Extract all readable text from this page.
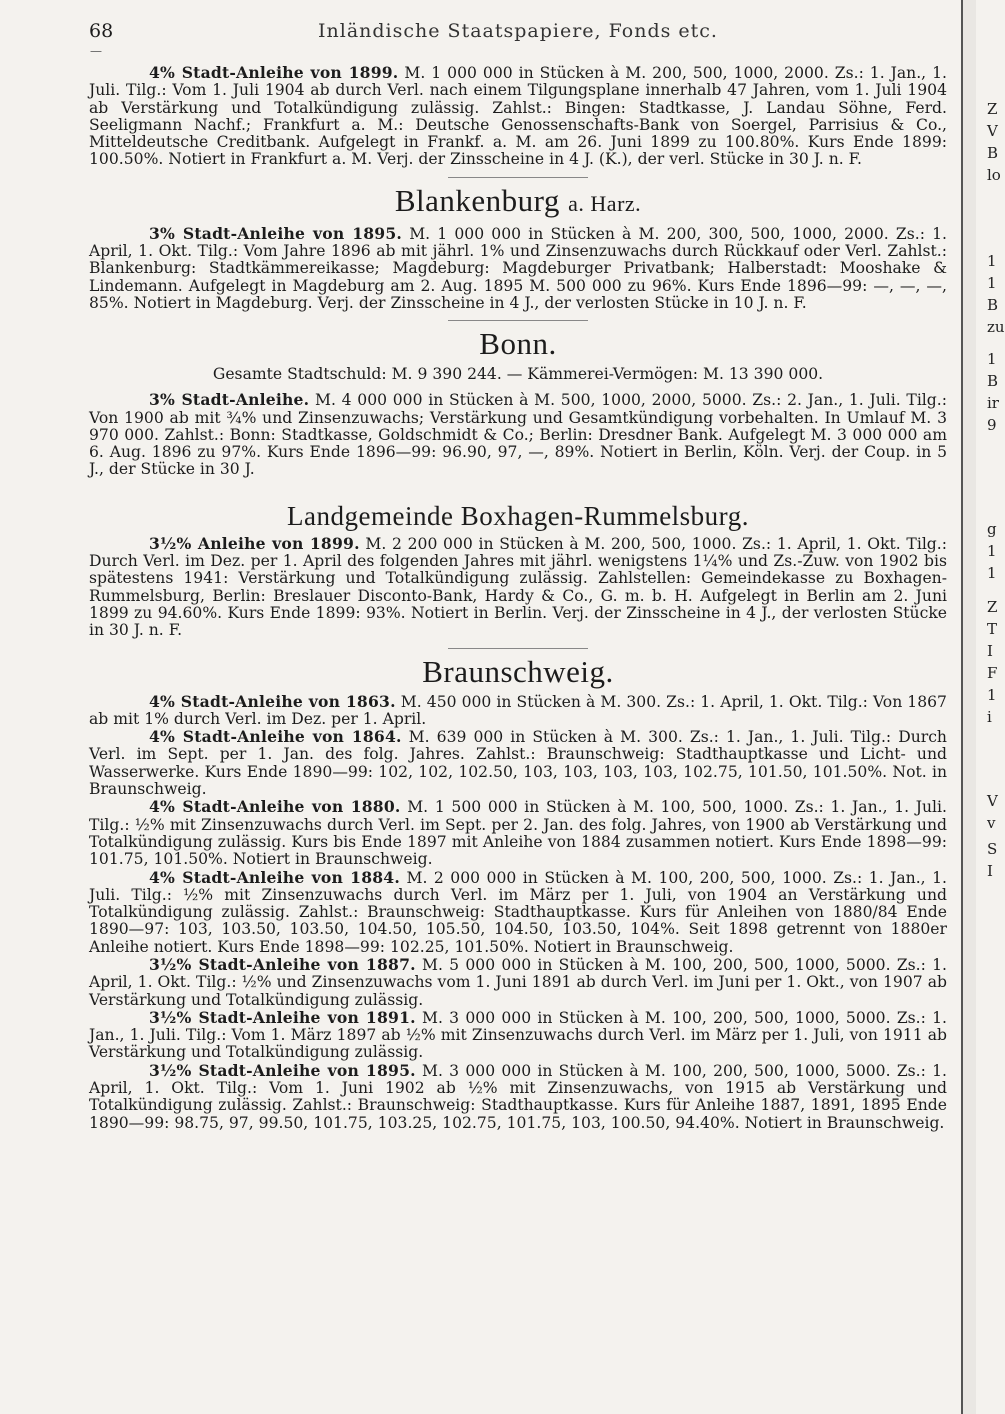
—
68	Inländische Staatspapiere, Fonds etc.

4% Stadt-Anleihe von 1899. M. 1 000 000 in Stücken à M. 200, 500, 1000, 2000. Zs.: 1. Jan., 1. Juli. Tilg.: Vom 1. Juli 1904 ab durch Verl. nach einem Tilgungsplane innerhalb 47 Jahren, vom 1. Juli 1904 ab Verstärkung und Totalkündigung zulässig. Zahlst.: Bingen: Stadtkasse, J. Landau Söhne, Ferd. Seeligmann Nachf.; Frankfurt a. M.: Deutsche Genossenschafts-Bank von Soergel, Parrisius & Co., Mitteldeutsche Creditbank. Aufgelegt in Frankf. a. M. am 26. Juni 1899 zu 100.80%. Kurs Ende 1899: 100.50%. Notiert in Frankfurt a. M. Verj. der Zinsscheine in 4 J. (K.), der verl. Stücke in 30 J. n. F.

Blankenburg a. Harz.

3% Stadt-Anleihe von 1895. M. 1 000 000 in Stücken à M. 200, 300, 500, 1000, 2000. Zs.: 1. April, 1. Okt. Tilg.: Vom Jahre 1896 ab mit jährl. 1% und Zinsenzuwachs durch Rückkauf oder Verl. Zahlst.: Blankenburg: Stadtkämmereikasse; Magdeburg: Magdeburger Privatbank; Halberstadt: Mooshake & Lindemann. Aufgelegt in Magdeburg am 2. Aug. 1895 M. 500 000 zu 96%. Kurs Ende 1896—99: —, —, —, 85%. Notiert in Magdeburg. Verj. der Zinsscheine in 4 J., der verlosten Stücke in 10 J. n. F.

Bonn.
Gesamte Stadtschuld: M. 9 390 244. — Kämmerei-Vermögen: M. 13 390 000.

3% Stadt-Anleihe. M. 4 000 000 in Stücken à M. 500, 1000, 2000, 5000. Zs.: 2. Jan., 1. Juli. Tilg.: Von 1900 ab mit ¾% und Zinsenzuwachs; Verstärkung und Gesamtkündigung vorbehalten. In Umlauf M. 3 970 000. Zahlst.: Bonn: Stadtkasse, Goldschmidt & Co.; Berlin: Dresdner Bank. Aufgelegt M. 3 000 000 am 6. Aug. 1896 zu 97%. Kurs Ende 1896—99: 96.90, 97, —, 89%. Notiert in Berlin, Köln. Verj. der Coup. in 5 J., der Stücke in 30 J.

Landgemeinde Boxhagen-Rummelsburg.

3½% Anleihe von 1899. M. 2 200 000 in Stücken à M. 200, 500, 1000. Zs.: 1. April, 1. Okt. Tilg.: Durch Verl. im Dez. per 1. April des folgenden Jahres mit jährl. wenigstens 1¼% und Zs.-Zuw. von 1902 bis spätestens 1941: Verstärkung und Totalkündigung zulässig. Zahlstellen: Gemeindekasse zu Boxhagen-Rummelsburg, Berlin: Breslauer Disconto-Bank, Hardy & Co., G. m. b. H. Aufgelegt in Berlin am 2. Juni 1899 zu 94.60%. Kurs Ende 1899: 93%. Notiert in Berlin. Verj. der Zinsscheine in 4 J., der verlosten Stücke in 30 J. n. F.

Braunschweig.

4% Stadt-Anleihe von 1863. M. 450 000 in Stücken à M. 300. Zs.: 1. April, 1. Okt. Tilg.: Von 1867 ab mit 1% durch Verl. im Dez. per 1. April.

4% Stadt-Anleihe von 1864. M. 639 000 in Stücken à M. 300. Zs.: 1. Jan., 1. Juli. Tilg.: Durch Verl. im Sept. per 1. Jan. des folg. Jahres. Zahlst.: Braunschweig: Stadthauptkasse und Licht- und Wasserwerke. Kurs Ende 1890—99: 102, 102, 102.50, 103, 103, 103, 103, 102.75, 101.50, 101.50%. Not. in Braunschweig.

4% Stadt-Anleihe von 1880. M. 1 500 000 in Stücken à M. 100, 500, 1000. Zs.: 1. Jan., 1. Juli. Tilg.: ½% mit Zinsenzuwachs durch Verl. im Sept. per 2. Jan. des folg. Jahres, von 1900 ab Verstärkung und Totalkündigung zulässig. Kurs bis Ende 1897 mit Anleihe von 1884 zusammen notiert. Kurs Ende 1898—99: 101.75, 101.50%. Notiert in Braunschweig.

4% Stadt-Anleihe von 1884. M. 2 000 000 in Stücken à M. 100, 200, 500, 1000. Zs.: 1. Jan., 1. Juli. Tilg.: ½% mit Zinsenzuwachs durch Verl. im März per 1. Juli, von 1904 an Verstärkung und Totalkündigung zulässig. Zahlst.: Braunschweig: Stadthauptkasse. Kurs für Anleihen von 1880/84 Ende 1890—97: 103, 103.50, 103.50, 104.50, 105.50, 104.50, 103.50, 104%. Seit 1898 getrennt von 1880er Anleihe notiert. Kurs Ende 1898—99: 102.25, 101.50%. Notiert in Braunschweig.

3½% Stadt-Anleihe von 1887. M. 5 000 000 in Stücken à M. 100, 200, 500, 1000, 5000. Zs.: 1. April, 1. Okt. Tilg.: ½% und Zinsenzuwachs vom 1. Juni 1891 ab durch Verl. im Juni per 1. Okt., von 1907 ab Verstärkung und Totalkündigung zulässig.

3½% Stadt-Anleihe von 1891. M. 3 000 000 in Stücken à M. 100, 200, 500, 1000, 5000. Zs.: 1. Jan., 1. Juli. Tilg.: Vom 1. März 1897 ab ½% mit Zinsenzuwachs durch Verl. im März per 1. Juli, von 1911 ab Verstärkung und Totalkündigung zulässig.

3½% Stadt-Anleihe von 1895. M. 3 000 000 in Stücken à M. 100, 200, 500, 1000, 5000. Zs.: 1. April, 1. Okt. Tilg.: Vom 1. Juni 1902 ab ½% mit Zinsenzuwachs, von 1915 ab Verstärkung und Totalkündigung zulässig. Zahlst.: Braunschweig: Stadthauptkasse. Kurs für Anleihe 1887, 1891, 1895 Ende 1890—99: 98.75, 97, 99.50, 101.75, 103.25, 102.75, 101.75, 103, 100.50, 94.40%. Notiert in Braunschweig.

Z
V
B
lo
1
1
B
zu
1
B
ir
9
g
1
1
Z
T
I
F
1
i
V
v
S
I
